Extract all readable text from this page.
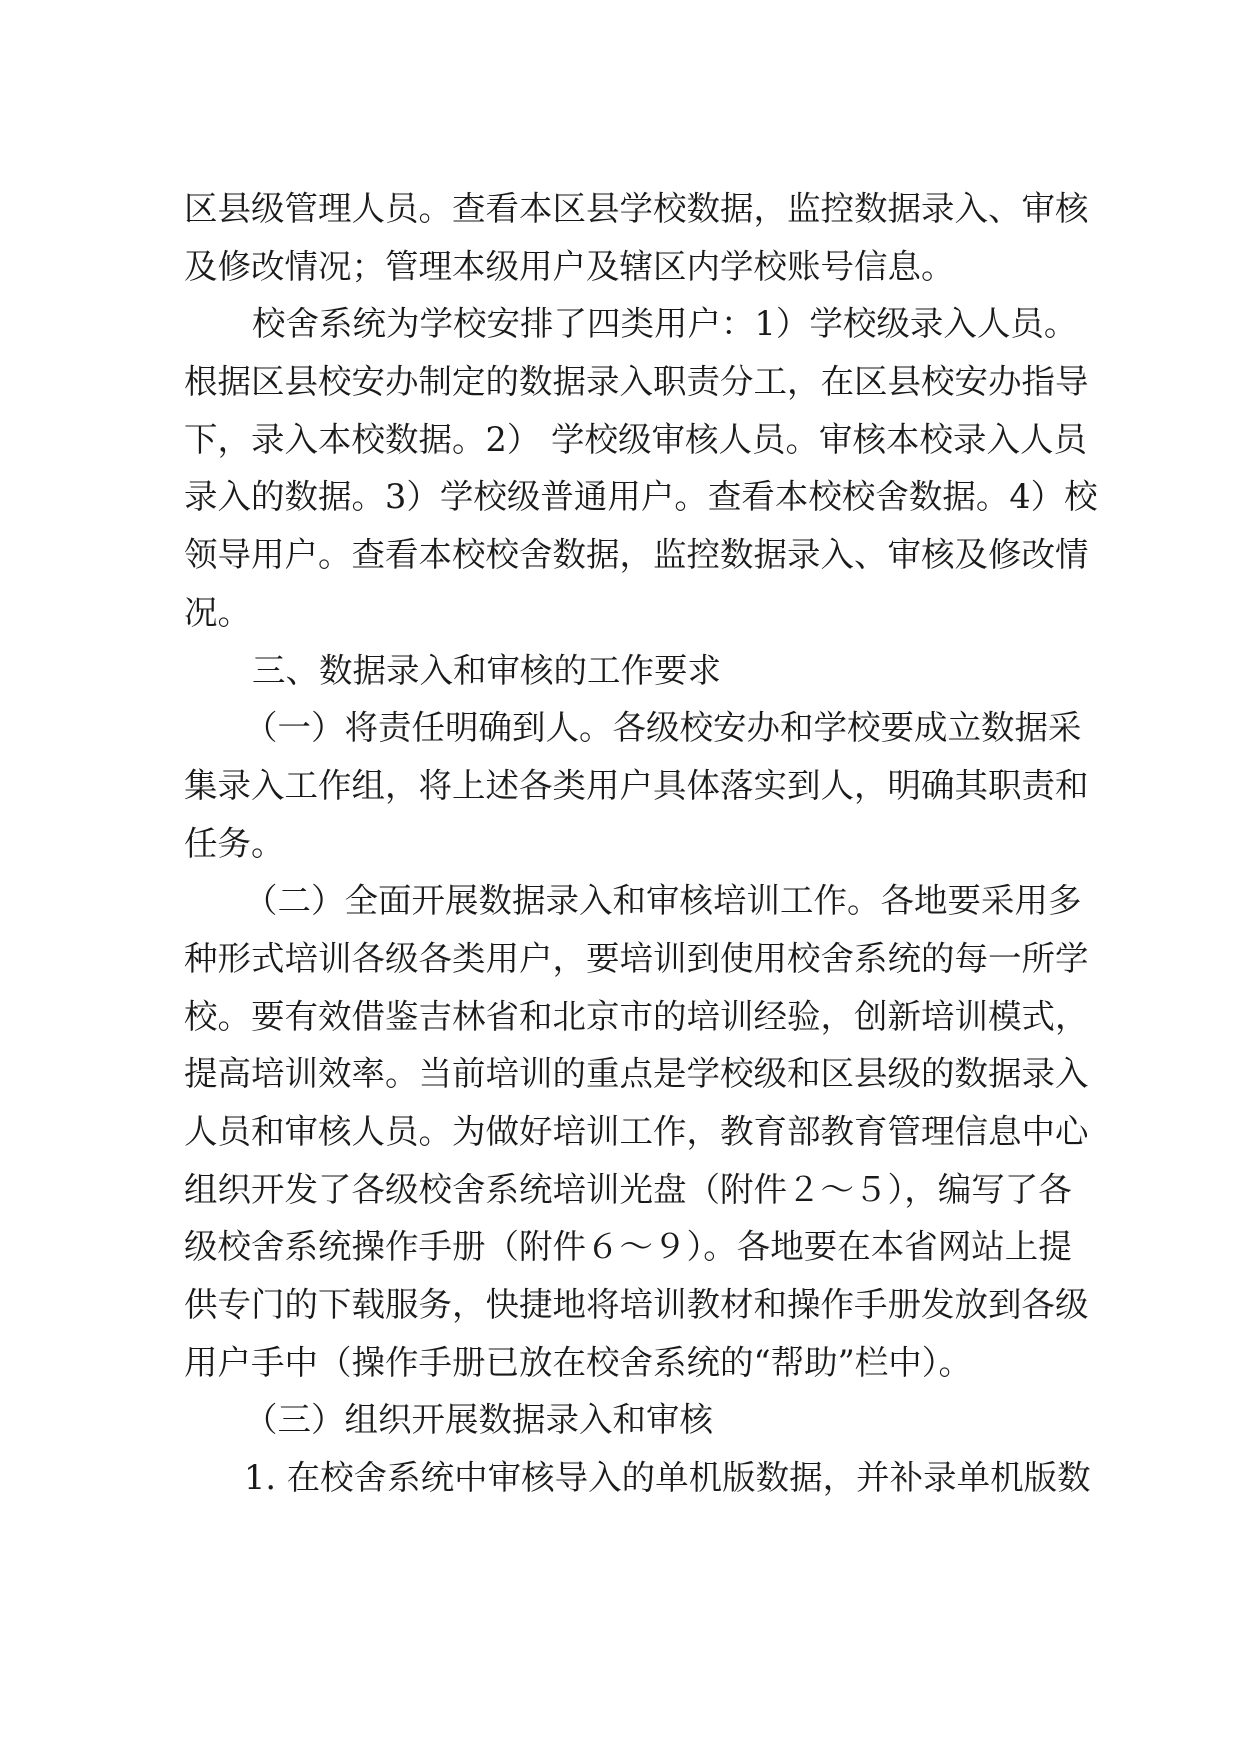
区县级管理人员。查看本区县学校数据，监控数据录入、审核
及修改情况；管理本级用户及辖区内学校账号信息。
校舍系统为学校安排了四类用户：1）学校级录入人员。
根据区县校安办制定的数据录入职责分工，在区县校安办指导
下，录入本校数据。2） 学校级审核人员。审核本校录入人员
录入的数据。3）学校级普通用户。查看本校校舍数据。4）校
领导用户。查看本校校舍数据，监控数据录入、审核及修改情
况。
三、数据录入和审核的工作要求
（一）将责任明确到人。各级校安办和学校要成立数据采
集录入工作组，将上述各类用户具体落实到人，明确其职责和
任务。
（二）全面开展数据录入和审核培训工作。各地要采用多
种形式培训各级各类用户，要培训到使用校舍系统的每一所学
校。要有效借鉴吉林省和北京市的培训经验，创新培训模式，
提高培训效率。当前培训的重点是学校级和区县级的数据录入
人员和审核人员。为做好培训工作，教育部教育管理信息中心
组织开发了各级校舍系统培训光盘（附件２～５），编写了各
级校舍系统操作手册（附件６～９）。各地要在本省网站上提
供专门的下载服务，快捷地将培训教材和操作手册发放到各级
用户手中（操作手册已放在校舍系统的“帮助”栏中）。
（三）组织开展数据录入和审核
1. 在校舍系统中审核导入的单机版数据，并补录单机版数
